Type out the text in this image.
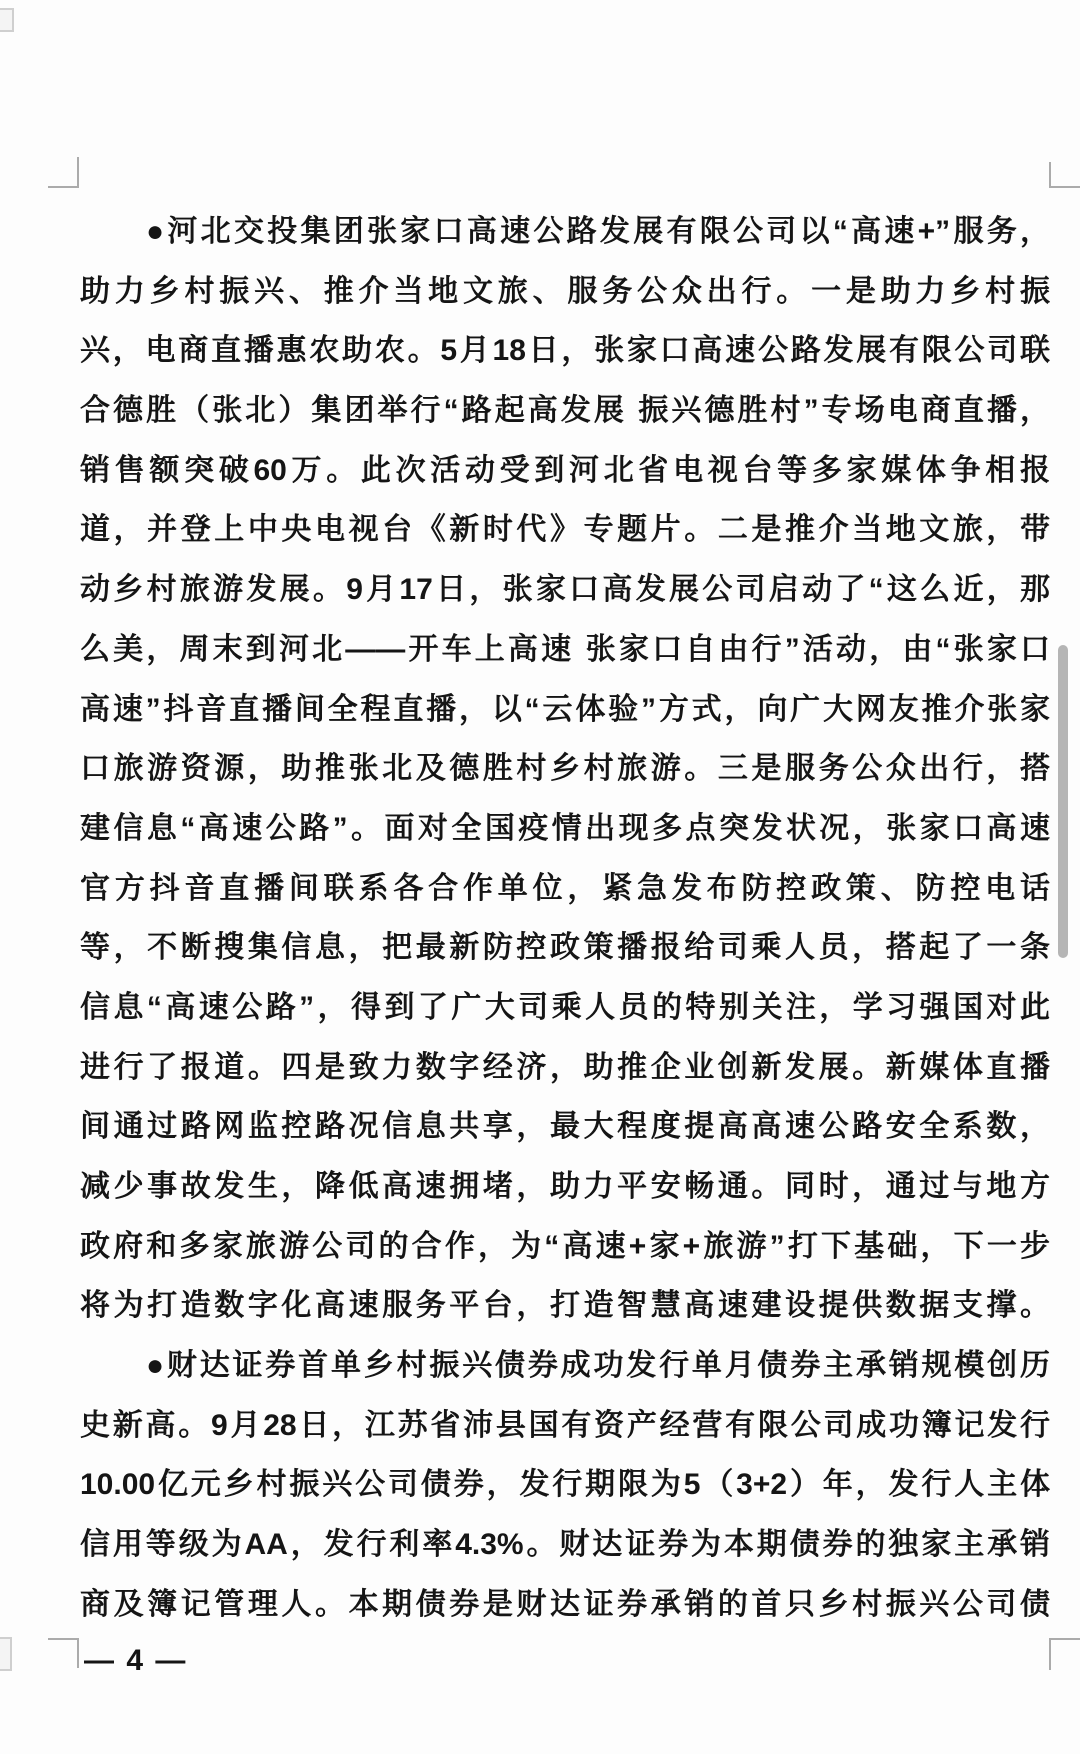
●河北交投集团张家口高速公路发展有限公司以“高速+”服务，
助力乡村振兴、推介当地文旅、服务公众出行。一是助力乡村振
兴，电商直播惠农助农。5月18日，张家口高速公路发展有限公司联
合德胜（张北）集团举行“路起高发展 振兴德胜村”专场电商直播，
销售额突破60万。此次活动受到河北省电视台等多家媒体争相报
道，并登上中央电视台《新时代》专题片。二是推介当地文旅，带
动乡村旅游发展。9月17日，张家口高发展公司启动了“这么近，那
么美，周末到河北——开车上高速 张家口自由行”活动，由“张家口
高速”抖音直播间全程直播，以“云体验”方式，向广大网友推介张家
口旅游资源，助推张北及德胜村乡村旅游。三是服务公众出行，搭
建信息“高速公路”。面对全国疫情出现多点突发状况，张家口高速
官方抖音直播间联系各合作单位，紧急发布防控政策、防控电话
等，不断搜集信息，把最新防控政策播报给司乘人员，搭起了一条
信息“高速公路”，得到了广大司乘人员的特别关注，学习强国对此
进行了报道。四是致力数字经济，助推企业创新发展。新媒体直播
间通过路网监控路况信息共享，最大程度提高高速公路安全系数，
减少事故发生，降低高速拥堵，助力平安畅通。同时，通过与地方
政府和多家旅游公司的合作，为“高速+家+旅游”打下基础，下一步
将为打造数字化高速服务平台，打造智慧高速建设提供数据支撑。
●财达证券首单乡村振兴债券成功发行单月债券主承销规模创历
史新高。9月28日，江苏省沛县国有资产经营有限公司成功簿记发行
10.00亿元乡村振兴公司债券，发行期限为5（3+2）年，发行人主体
信用等级为AA，发行利率4.3%。财达证券为本期债券的独家主承销
商及簿记管理人。本期债券是财达证券承销的首只乡村振兴公司债
— 4 —
